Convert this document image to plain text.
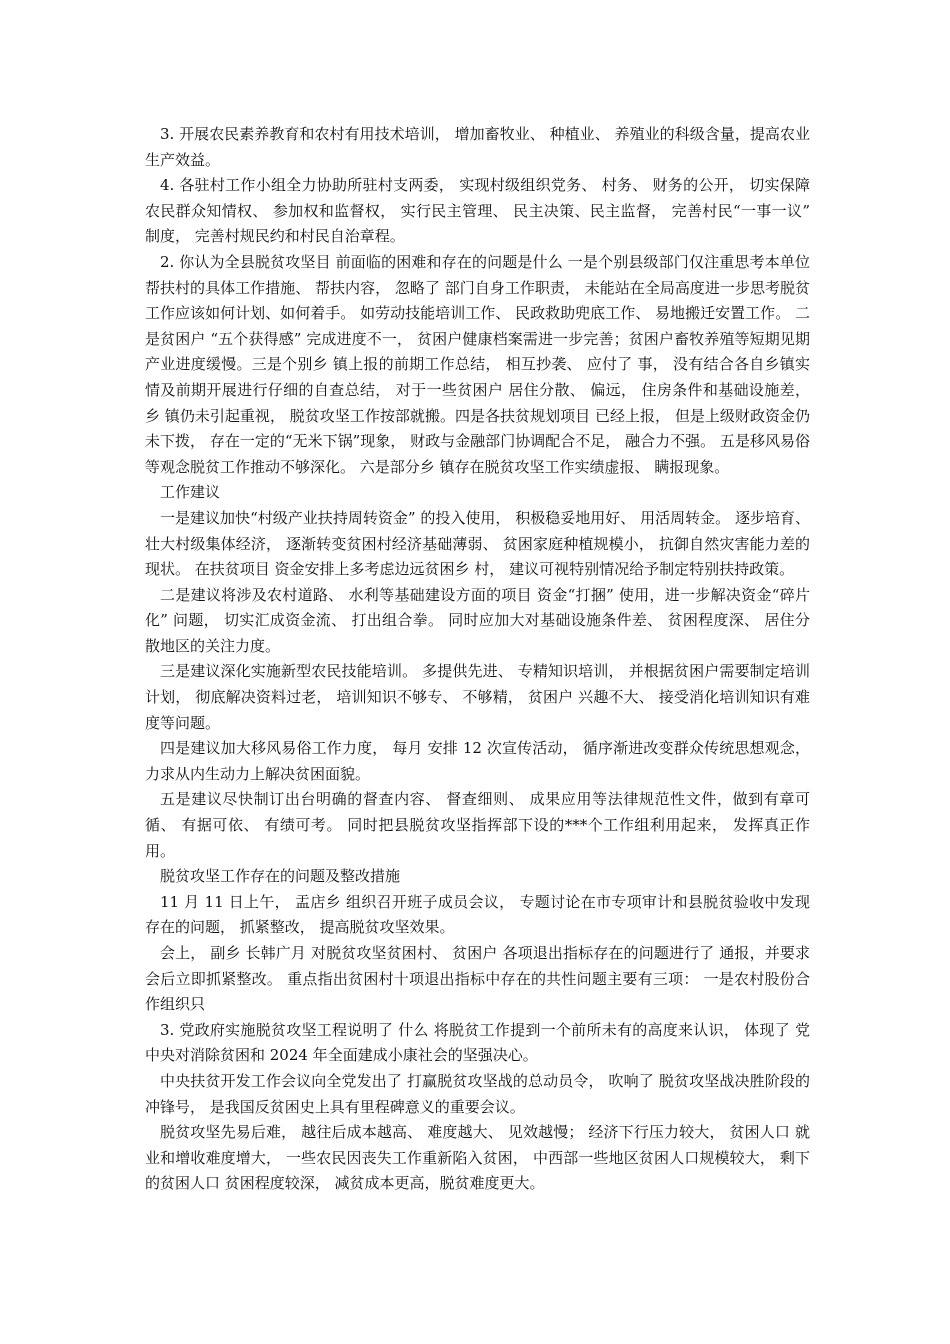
3. 开展农民素养教育和农村有用技术培训， 增加畜牧业、 种植业、 养殖业的科级含量，提高农业生产效益。

4. 各驻村工作小组全力协助所驻村支两委， 实现村级组织党务、 村务、 财务的公开， 切实保障农民群众知情权、 参加权和监督权， 实行民主管理、 民主决策、民主监督， 完善村民“一事一议” 制度， 完善村规民约和村民自治章程。

2. 你认为全县脱贫攻坚目 前面临的困难和存在的问题是什么 一是个别县级部门仅注重思考本单位帮扶村的具体工作措施、 帮扶内容， 忽略了 部门自身工作职责， 未能站在全局高度进一步思考脱贫工作应该如何计划、如何着手。 如劳动技能培训工作、 民政救助兜底工作、 易地搬迁安置工作。 二是贫困户 “五个获得感” 完成进度不一， 贫困户健康档案需进一步完善；贫困户畜牧养殖等短期见期产业进度缓慢。三是个别乡 镇上报的前期工作总结， 相互抄袭、 应付了 事， 没有结合各自乡镇实情及前期开展进行仔细的自查总结， 对于一些贫困户 居住分散、 偏远， 住房条件和基础设施差， 乡 镇仍未引起重视， 脱贫攻坚工作按部就搬。四是各扶贫规划项目 已经上报， 但是上级财政资金仍未下拨， 存在一定的“无米下锅”现象， 财政与金融部门协调配合不足， 融合力不强。 五是移风易俗等观念脱贫工作推动不够深化。 六是部分乡 镇存在脱贫攻坚工作实绩虚报、 瞒报现象。

工作建议

一是建议加快“村级产业扶持周转资金” 的投入使用， 积极稳妥地用好、 用活周转金。 逐步培育、 壮大村级集体经济， 逐渐转变贫困村经济基础薄弱、 贫困家庭种植规模小， 抗御自然灾害能力差的现状。 在扶贫项目 资金安排上多考虑边远贫困乡 村， 建议可视特别情况给予制定特别扶持政策。

二是建议将涉及农村道路、 水利等基础建设方面的项目 资金“打捆” 使用，进一步解决资金“碎片化” 问题， 切实汇成资金流、 打出组合拳。 同时应加大对基础设施条件差、 贫困程度深、 居住分散地区的关注力度。

三是建议深化实施新型农民技能培训。 多提供先进、 专精知识培训， 并根据贫困户需要制定培训计划， 彻底解决资料过老， 培训知识不够专、 不够精， 贫困户 兴趣不大、 接受消化培训知识有难度等问题。

四是建议加大移风易俗工作力度， 每月 安排 12 次宣传活动， 循序渐进改变群众传统思想观念， 力求从内生动力上解决贫困面貌。

五是建议尽快制订出台明确的督查内容、 督查细则、 成果应用等法律规范性文件，做到有章可循、 有据可依、 有绩可考。 同时把县脱贫攻坚指挥部下设的***个工作组利用起来， 发挥真正作用。

脱贫攻坚工作存在的问题及整改措施

11 月 11 日上午， 盂店乡 组织召开班子成员会议， 专题讨论在市专项审计和县脱贫验收中发现存在的问题， 抓紧整改， 提高脱贫攻坚效果。

会上， 副乡 长韩广月 对脱贫攻坚贫困村、 贫困户 各项退出指标存在的问题进行了 通报，并要求会后立即抓紧整改。 重点指出贫困村十项退出指标中存在的共性问题主要有三项： 一是农村股份合作组织只

3. 党政府实施脱贫攻坚工程说明了 什么 将脱贫工作提到一个前所未有的高度来认识， 体现了 党中央对消除贫困和 2024 年全面建成小康社会的坚强决心。

中央扶贫开发工作会议向全党发出了 打赢脱贫攻坚战的总动员令， 吹响了 脱贫攻坚战决胜阶段的冲锋号， 是我国反贫困史上具有里程碑意义的重要会议。

脱贫攻坚先易后难， 越往后成本越高、 难度越大、 见效越慢； 经济下行压力较大， 贫困人口 就业和增收难度增大， 一些农民因丧失工作重新陷入贫困， 中西部一些地区贫困人口规模较大， 剩下的贫困人口 贫困程度较深， 减贫成本更高，脱贫难度更大。
